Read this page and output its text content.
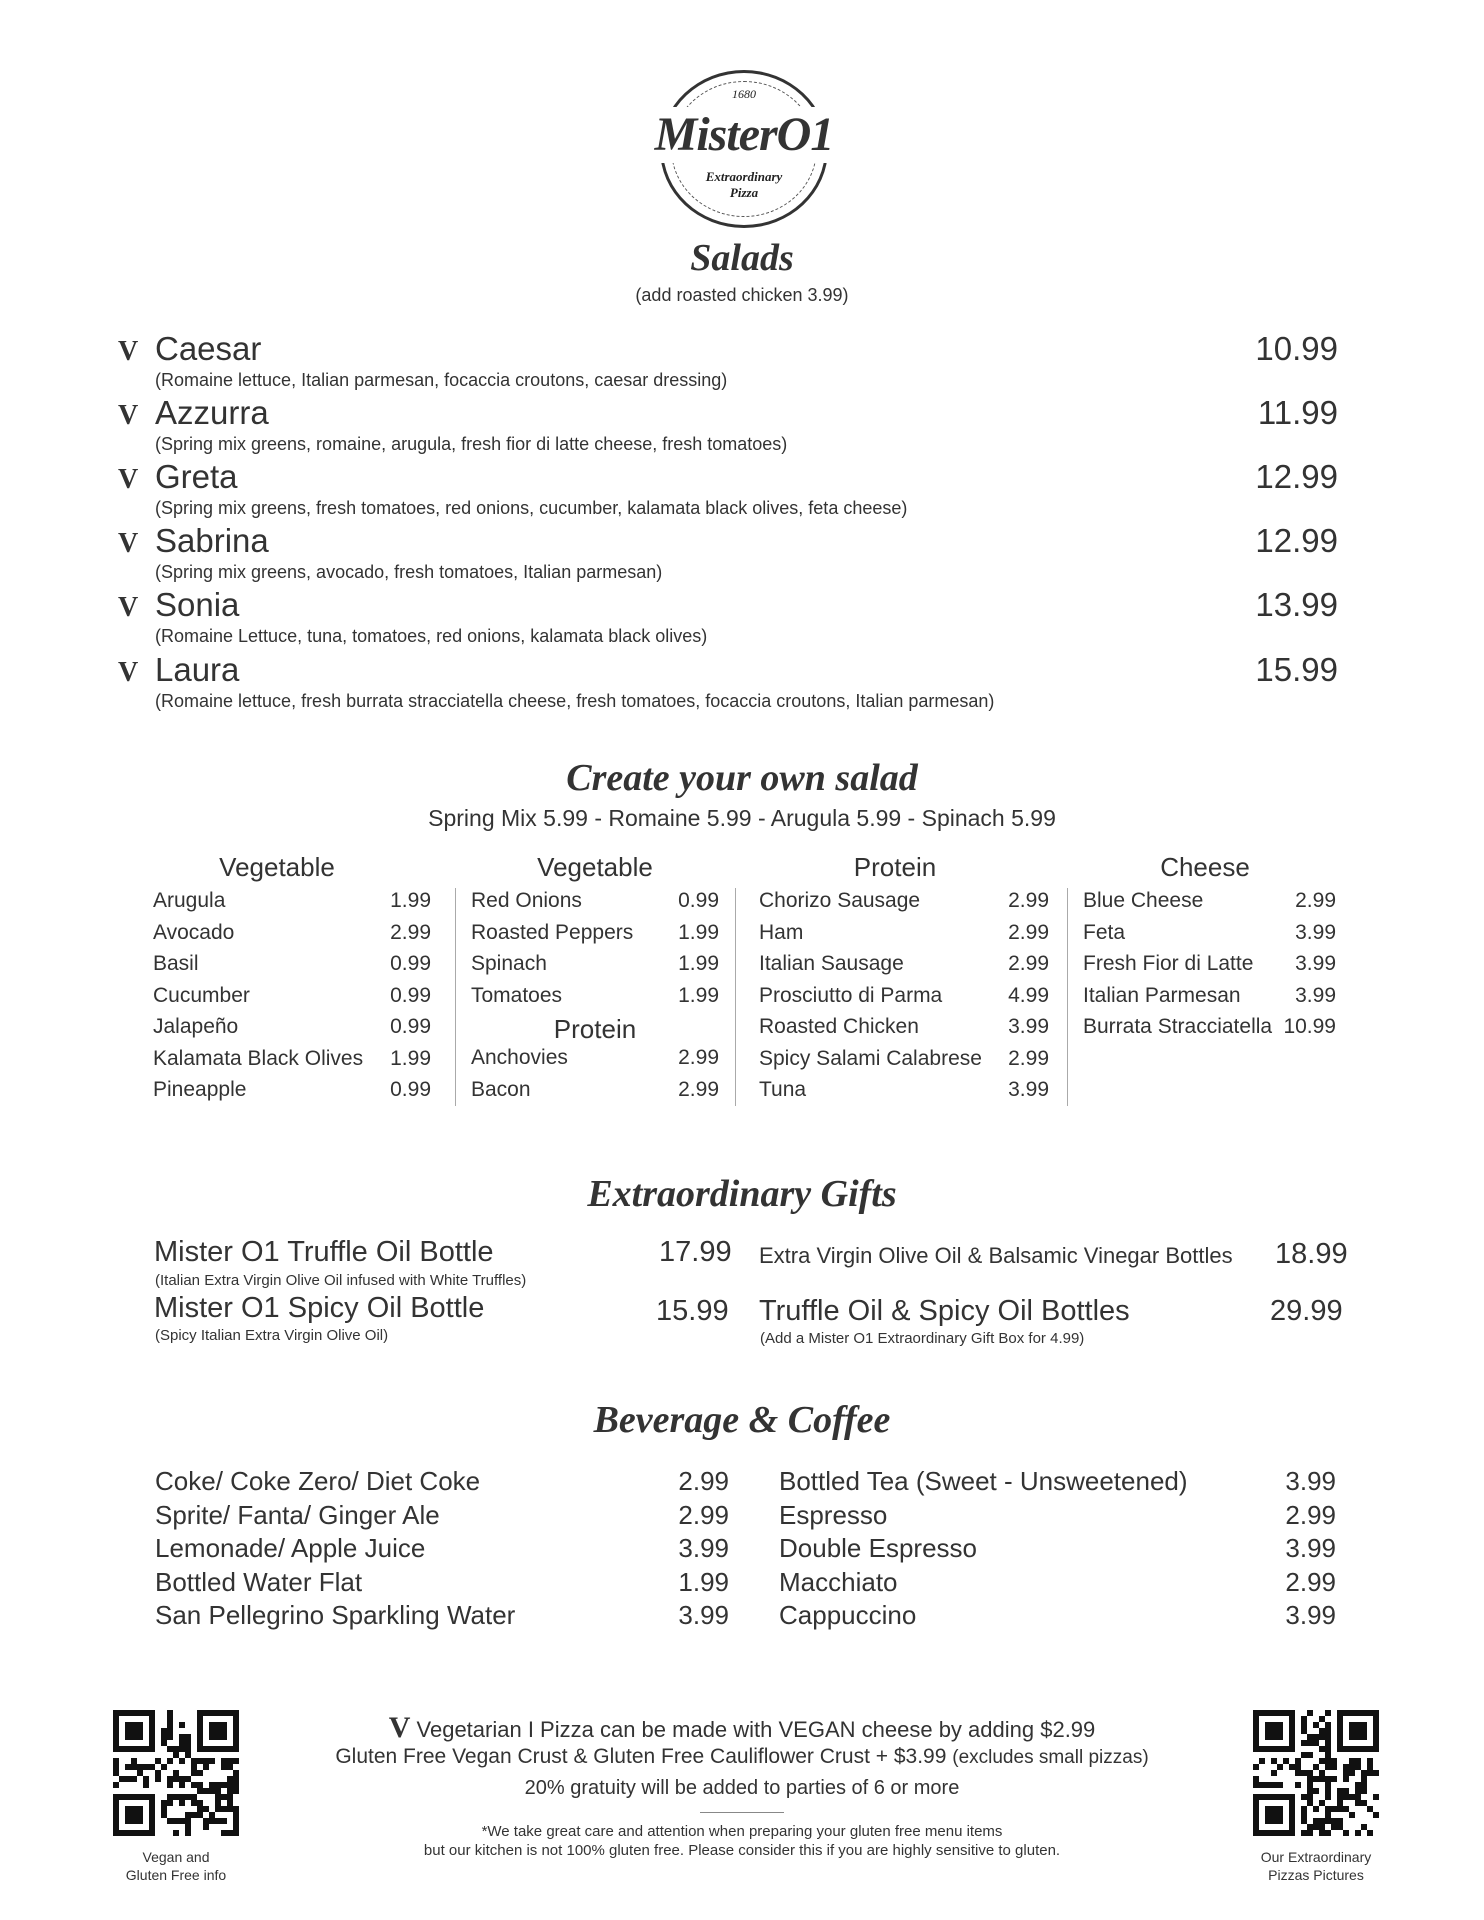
1680
MisterO1
Extraordinary
Pizza
Salads
(add roasted chicken 3.99)
V Caesar	10.99
(Romaine lettuce, Italian parmesan, focaccia croutons, caesar dressing)
V Azzurra	11.99
(Spring mix greens, romaine, arugula, fresh fior di latte cheese, fresh tomatoes)
V Greta	12.99
(Spring mix greens, fresh tomatoes, red onions, cucumber, kalamata black olives, feta cheese)
V Sabrina	12.99
(Spring mix greens, avocado, fresh tomatoes, Italian parmesan)
V Sonia	13.99
(Romaine Lettuce, tuna, tomatoes, red onions, kalamata black olives)
V Laura	15.99
(Romaine lettuce, fresh burrata stracciatella cheese, fresh tomatoes, focaccia croutons, Italian parmesan)
Create your own salad
Spring Mix 5.99 - Romaine 5.99 - Arugula 5.99 - Spinach 5.99
Vegetable
Arugula	1.99
Avocado	2.99
Basil	0.99
Cucumber	0.99
Jalapeño	0.99
Kalamata Black Olives 1.99
Pineapple	0.99
Vegetable
Red Onions	0.99
Roasted Peppers 1.99
Spinach	1.99
Tomatoes	1.99
Protein
Anchovies	2.99
Bacon	2.99
Protein
Chorizo Sausage	2.99
Ham	2.99
Italian Sausage	2.99
Prosciutto di Parma	4.99
Roasted Chicken	3.99
Spicy Salami Calabrese 2.99
Tuna	3.99
Cheese
Blue Cheese	2.99
Feta	3.99
Fresh Fior di Latte 3.99
Italian Parmesan	3.99
Burrata Stracciatella 10.99
Extraordinary Gifts
Mister O1 Truffle Oil Bottle
(Italian Extra Virgin Olive Oil infused with White Truffles)
17.99
Mister O1 Spicy Oil Bottle
(Spicy Italian Extra Virgin Olive Oil)
15.99
Extra Virgin Olive Oil & Balsamic Vinegar Bottles 18.99
Truffle Oil & Spicy Oil Bottles
(Add a Mister O1 Extraordinary Gift Box for 4.99)
29.99
Beverage & Coffee
Coke/ Coke Zero/ Diet Coke	2.99
Sprite/ Fanta/ Ginger Ale	2.99
Lemonade/ Apple Juice	3.99
Bottled Water Flat	1.99
San Pellegrino Sparkling Water	3.99
Bottled Tea (Sweet - Unsweetened)	3.99
Espresso	2.99
Double Espresso	3.99
Macchiato	2.99
Cappuccino	3.99
Vegan and
Gluten Free info
Our Extraordinary
Pizzas Pictures
V Vegetarian I Pizza can be made with VEGAN cheese by adding $2.99
Gluten Free Vegan Crust & Gluten Free Cauliflower Crust + $3.99 (excludes small pizzas)
20% gratuity will be added to parties of 6 or more
*We take great care and attention when preparing your gluten free menu items
but our kitchen is not 100% gluten free. Please consider this if you are highly sensitive to gluten.
